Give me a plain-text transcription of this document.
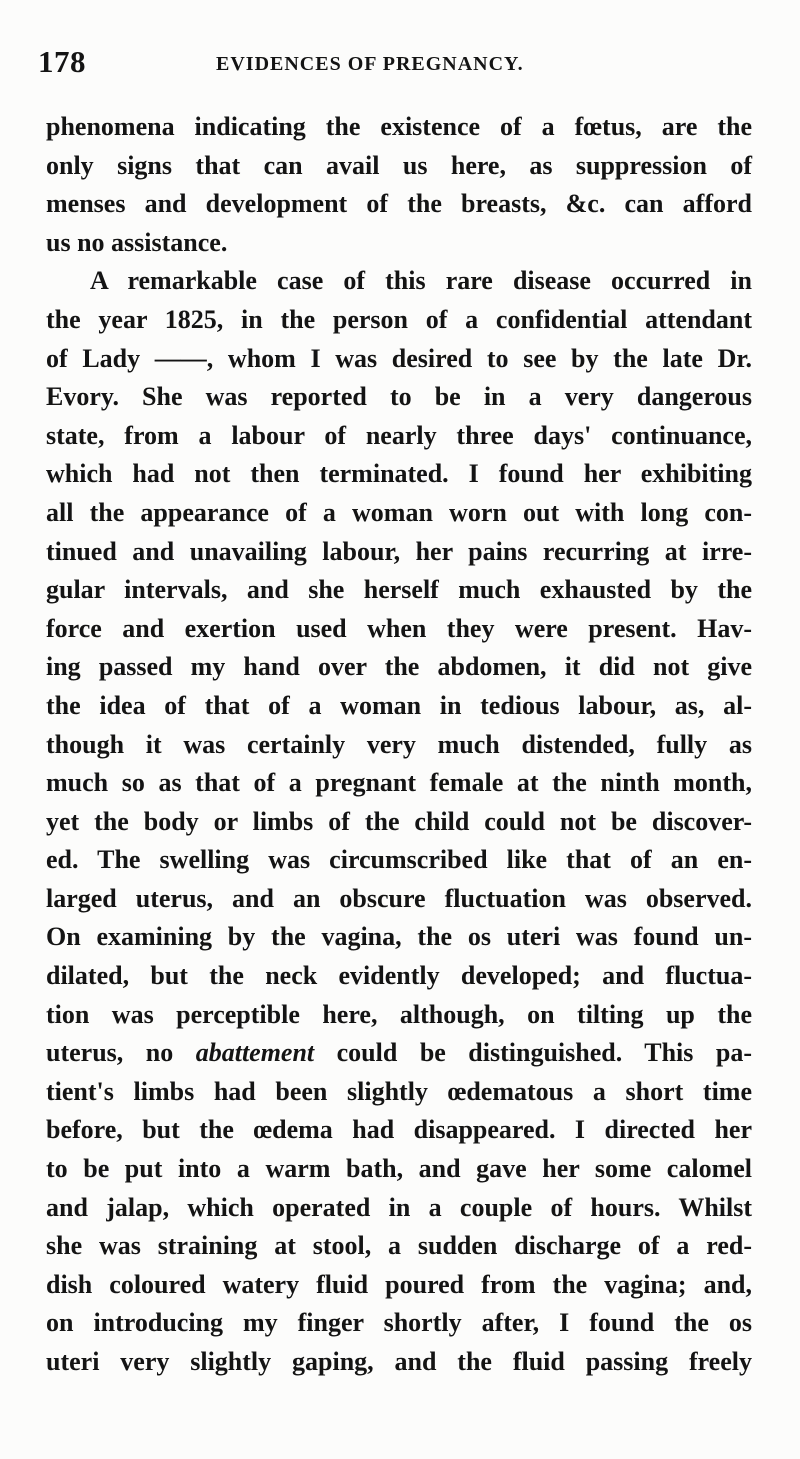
178	EVIDENCES OF PREGNANCY.
phenomena indicating the existence of a fœtus, are the
only signs that can avail us here, as suppression of
menses and development of the breasts, &c. can afford
us no assistance.
A remarkable case of this rare disease occurred in
the year 1825, in the person of a confidential attendant
of Lady ——, whom I was desired to see by the late Dr.
Evory. She was reported to be in a very dangerous
state, from a labour of nearly three days' continuance,
which had not then terminated. I found her exhibiting
all the appearance of a woman worn out with long con-
tinued and unavailing labour, her pains recurring at irre-
gular intervals, and she herself much exhausted by the
force and exertion used when they were present. Hav-
ing passed my hand over the abdomen, it did not give
the idea of that of a woman in tedious labour, as, al-
though it was certainly very much distended, fully as
much so as that of a pregnant female at the ninth month,
yet the body or limbs of the child could not be discover-
ed. The swelling was circumscribed like that of an en-
larged uterus, and an obscure fluctuation was observed.
On examining by the vagina, the os uteri was found un-
dilated, but the neck evidently developed; and fluctua-
tion was perceptible here, although, on tilting up the
uterus, no abattement could be distinguished. This pa-
tient's limbs had been slightly œdematous a short time
before, but the œdema had disappeared. I directed her
to be put into a warm bath, and gave her some calomel
and jalap, which operated in a couple of hours. Whilst
she was straining at stool, a sudden discharge of a red-
dish coloured watery fluid poured from the vagina; and,
on introducing my finger shortly after, I found the os
uteri very slightly gaping, and the fluid passing freely
